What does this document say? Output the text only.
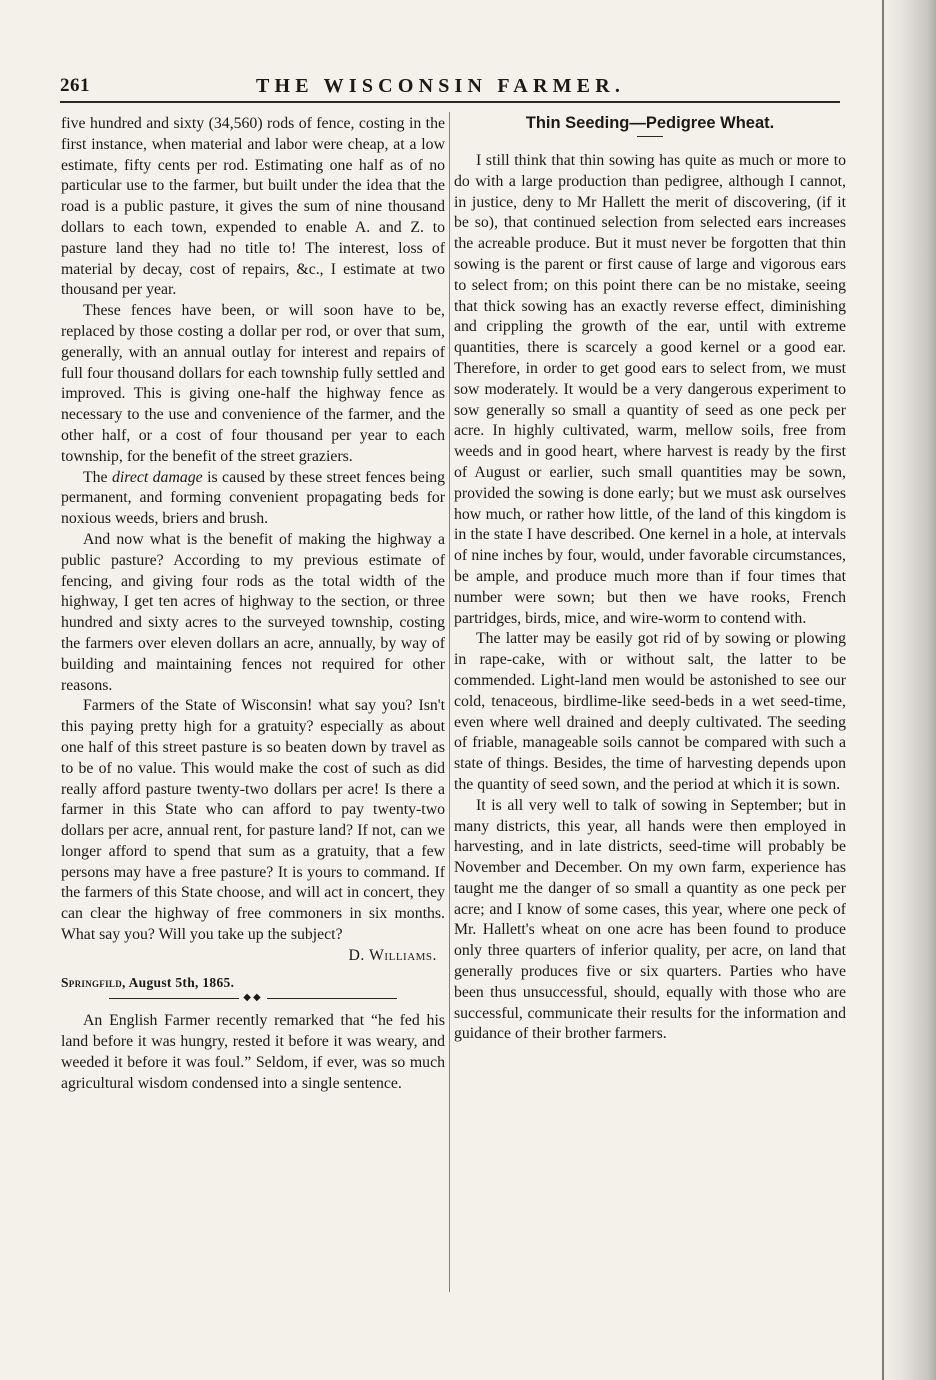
261	THE WISCONSIN FARMER.

five hundred and sixty (34,560) rods of fence, costing in the first instance, when material and labor were cheap, at a low estimate, fifty cents per rod. Estimating one half as of no particular use to the farmer, but built under the idea that the road is a public pasture, it gives the sum of nine thousand dollars to each town, expended to enable A. and Z. to pasture land they had no title to! The interest, loss of material by decay, cost of repairs, &c., I estimate at two thousand per year.

These fences have been, or will soon have to be, replaced by those costing a dollar per rod, or over that sum, generally, with an annual outlay for interest and repairs of full four thousand dollars for each township fully settled and improved. This is giving one-half the highway fence as necessary to the use and convenience of the farmer, and the other half, or a cost of four thousand per year to each township, for the benefit of the street graziers.

The direct damage is caused by these street fences being permanent, and forming convenient propagating beds for noxious weeds, briers and brush.

And now what is the benefit of making the highway a public pasture? According to my previous estimate of fencing, and giving four rods as the total width of the highway, I get ten acres of highway to the section, or three hundred and sixty acres to the surveyed township, costing the farmers over eleven dollars an acre, annually, by way of building and maintaining fences not required for other reasons.

Farmers of the State of Wisconsin! what say you? Isn't this paying pretty high for a gratuity? especially as about one half of this street pasture is so beaten down by travel as to be of no value. This would make the cost of such as did really afford pasture twenty-two dollars per acre! Is there a farmer in this State who can afford to pay twenty-two dollars per acre, annual rent, for pasture land? If not, can we longer afford to spend that sum as a gratuity, that a few persons may have a free pasture? It is yours to command. If the farmers of this State choose, and will act in concert, they can clear the highway of free commoners in six months. What say you? Will you take up the subject?

D. Williams.
Springfild, August 5th, 1865.
◆◆

An English Farmer recently remarked that “he fed his land before it was hungry, rested it before it was weary, and weeded it before it was foul.” Seldom, if ever, was so much agricultural wisdom condensed into a single sentence.

Thin Seeding—Pedigree Wheat.

I still think that thin sowing has quite as much or more to do with a large production than pedigree, although I cannot, in justice, deny to Mr Hallett the merit of discovering, (if it be so), that continued selection from selected ears increases the acreable produce. But it must never be forgotten that thin sowing is the parent or first cause of large and vigorous ears to select from; on this point there can be no mistake, seeing that thick sowing has an exactly reverse effect, diminishing and crippling the growth of the ear, until with extreme quantities, there is scarcely a good kernel or a good ear. Therefore, in order to get good ears to select from, we must sow moderately. It would be a very dangerous experiment to sow generally so small a quantity of seed as one peck per acre. In highly cultivated, warm, mellow soils, free from weeds and in good heart, where harvest is ready by the first of August or earlier, such small quantities may be sown, provided the sowing is done early; but we must ask ourselves how much, or rather how little, of the land of this kingdom is in the state I have described. One kernel in a hole, at intervals of nine inches by four, would, under favorable circumstances, be ample, and produce much more than if four times that number were sown; but then we have rooks, French partridges, birds, mice, and wire-worm to contend with.

The latter may be easily got rid of by sowing or plowing in rape-cake, with or without salt, the latter to be commended. Light-land men would be astonished to see our cold, tenaceous, birdlime-like seed-beds in a wet seed-time, even where well drained and deeply cultivated. The seeding of friable, manageable soils cannot be compared with such a state of things. Besides, the time of harvesting depends upon the quantity of seed sown, and the period at which it is sown.

It is all very well to talk of sowing in September; but in many districts, this year, all hands were then employed in harvesting, and in late districts, seed-time will probably be November and December. On my own farm, experience has taught me the danger of so small a quantity as one peck per acre; and I know of some cases, this year, where one peck of Mr. Hallett's wheat on one acre has been found to produce only three quarters of inferior quality, per acre, on land that generally produces five or six quarters. Parties who have been thus unsuccessful, should, equally with those who are successful, communicate their results for the information and guidance of their brother farmers.
